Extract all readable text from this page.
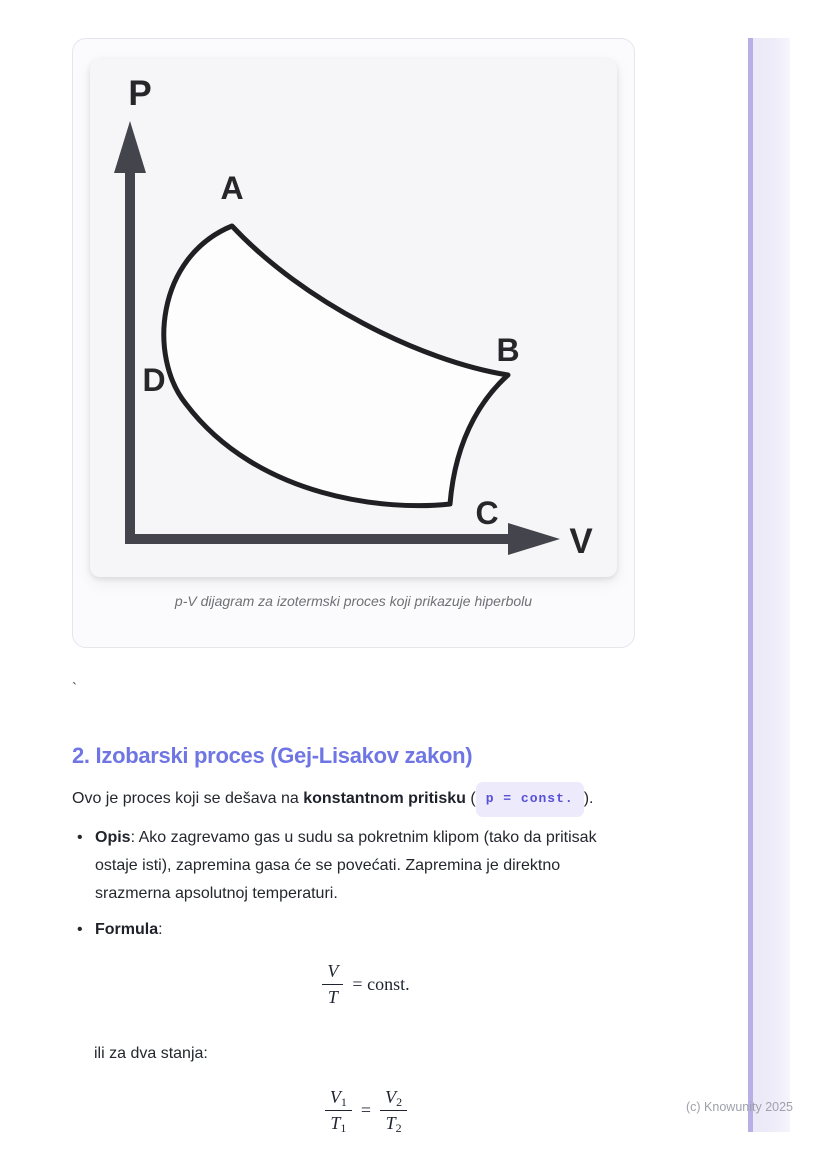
P
V
A
B
C
D
p-V dijagram za izotermski proces koji prikazuje hiperbolu
`
2. Izobarski proces (Gej-Lisakov zakon)

Ovo je proces koji se dešava na konstantnom pritisku ( p = const. ).

• Opis: Ako zagrevamo gas u sudu sa pokretnim klipom (tako da pritisak ostaje isti), zapremina gasa će se povećati. Zapremina je direktno srazmerna apsolutnoj temperaturi.
• Formula:
$\frac{V}{T}$ = const.

ili za dva stanja:

$\frac{V_1}{T_1} = \frac{V_2}{T_2}$	(c) Knowunity 2025
